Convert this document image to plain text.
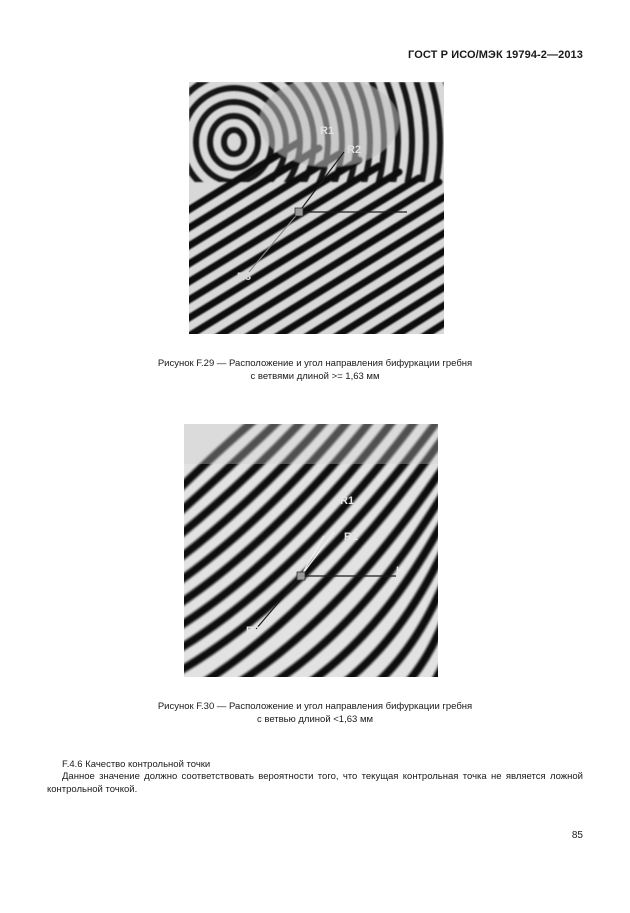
ГОСТ Р ИСО/МЭК 19794-2—2013
R1
R2
R3
Рисунок F.29 — Расположение и угол направления бифуркации гребня
с ветвями длиной >= 1,63 мм
R1
R2
H
R3
Рисунок F.30 — Расположение и угол направления бифуркации гребня
с ветвью длиной <1,63 мм
F.4.6 Качество контрольной точки
Данное значение должно соответствовать вероятности того, что текущая контрольная точка не является ложной контрольной точкой.
85
